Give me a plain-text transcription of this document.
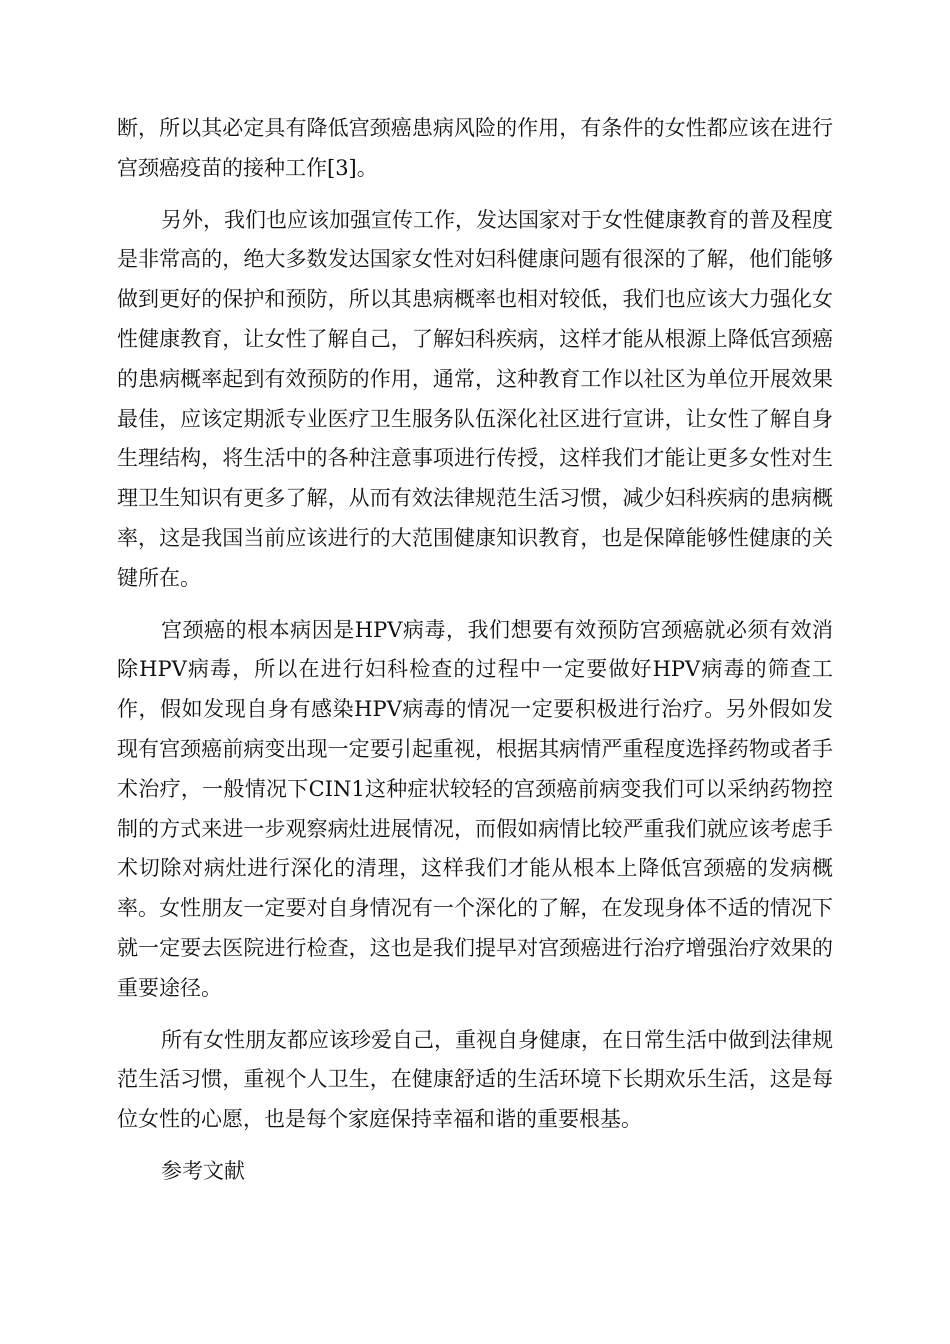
断，所以其必定具有降低宫颈癌患病风险的作用，有条件的女性都应该在进行宫颈癌疫苗的接种工作[3]。

另外，我们也应该加强宣传工作，发达国家对于女性健康教育的普及程度是非常高的，绝大多数发达国家女性对妇科健康问题有很深的了解，他们能够做到更好的保护和预防，所以其患病概率也相对较低，我们也应该大力强化女性健康教育，让女性了解自己，了解妇科疾病，这样才能从根源上降低宫颈癌的患病概率起到有效预防的作用，通常，这种教育工作以社区为单位开展效果最佳，应该定期派专业医疗卫生服务队伍深化社区进行宣讲，让女性了解自身生理结构，将生活中的各种注意事项进行传授，这样我们才能让更多女性对生理卫生知识有更多了解，从而有效法律规范生活习惯，减少妇科疾病的患病概率，这是我国当前应该进行的大范围健康知识教育，也是保障能够性健康的关键所在。

宫颈癌的根本病因是HPV病毒，我们想要有效预防宫颈癌就必须有效消除HPV病毒，所以在进行妇科检查的过程中一定要做好HPV病毒的筛查工作，假如发现自身有感染HPV病毒的情况一定要积极进行治疗。另外假如发现有宫颈癌前病变出现一定要引起重视，根据其病情严重程度选择药物或者手术治疗，一般情况下CIN1这种症状较轻的宫颈癌前病变我们可以采纳药物控制的方式来进一步观察病灶进展情况，而假如病情比较严重我们就应该考虑手术切除对病灶进行深化的清理，这样我们才能从根本上降低宫颈癌的发病概率。女性朋友一定要对自身情况有一个深化的了解，在发现身体不适的情况下就一定要去医院进行检查，这也是我们提早对宫颈癌进行治疗增强治疗效果的重要途径。

所有女性朋友都应该珍爱自己，重视自身健康，在日常生活中做到法律规范生活习惯，重视个人卫生，在健康舒适的生活环境下长期欢乐生活，这是每位女性的心愿，也是每个家庭保持幸福和谐的重要根基。

参考文献
